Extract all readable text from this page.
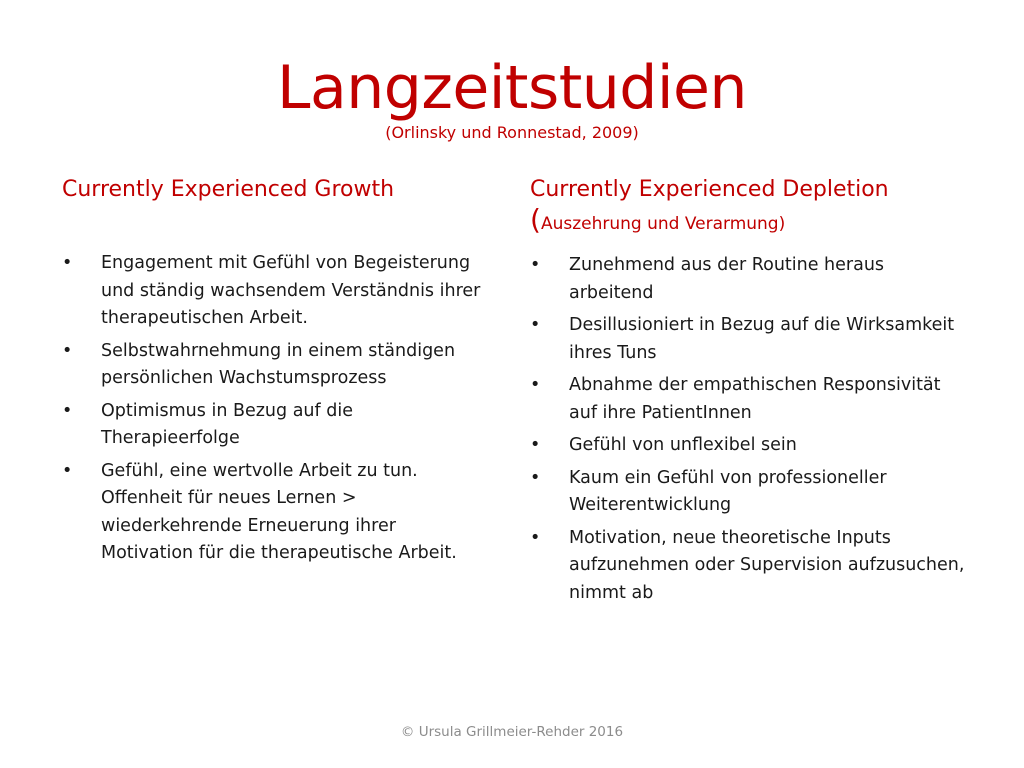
Langzeitstudien
(Orlinsky und Ronnestad, 2009)
Currently Experienced Growth
•	Engagement mit Gefühl von Begeisterung und ständig wachsendem Verständnis ihrer therapeutischen Arbeit.
•	Selbstwahrnehmung in einem ständigen persönlichen Wachstumsprozess
•	Optimismus in Bezug auf die Therapieerfolge
•	Gefühl, eine wertvolle Arbeit zu tun. Offenheit für neues Lernen > wiederkehrende Erneuerung ihrer Motivation für die therapeutische Arbeit.
Currently Experienced Depletion
(Auszehrung und Verarmung)
•	Zunehmend aus der Routine heraus arbeitend
•	Desillusioniert in Bezug auf die Wirksamkeit ihres Tuns
•	Abnahme der empathischen Responsivität auf ihre PatientInnen
•	Gefühl von unflexibel sein
•	Kaum ein Gefühl von professioneller Weiterentwicklung
•	Motivation, neue theoretische Inputs aufzunehmen oder Supervision aufzusuchen, nimmt ab
© Ursula Grillmeier-Rehder 2016
